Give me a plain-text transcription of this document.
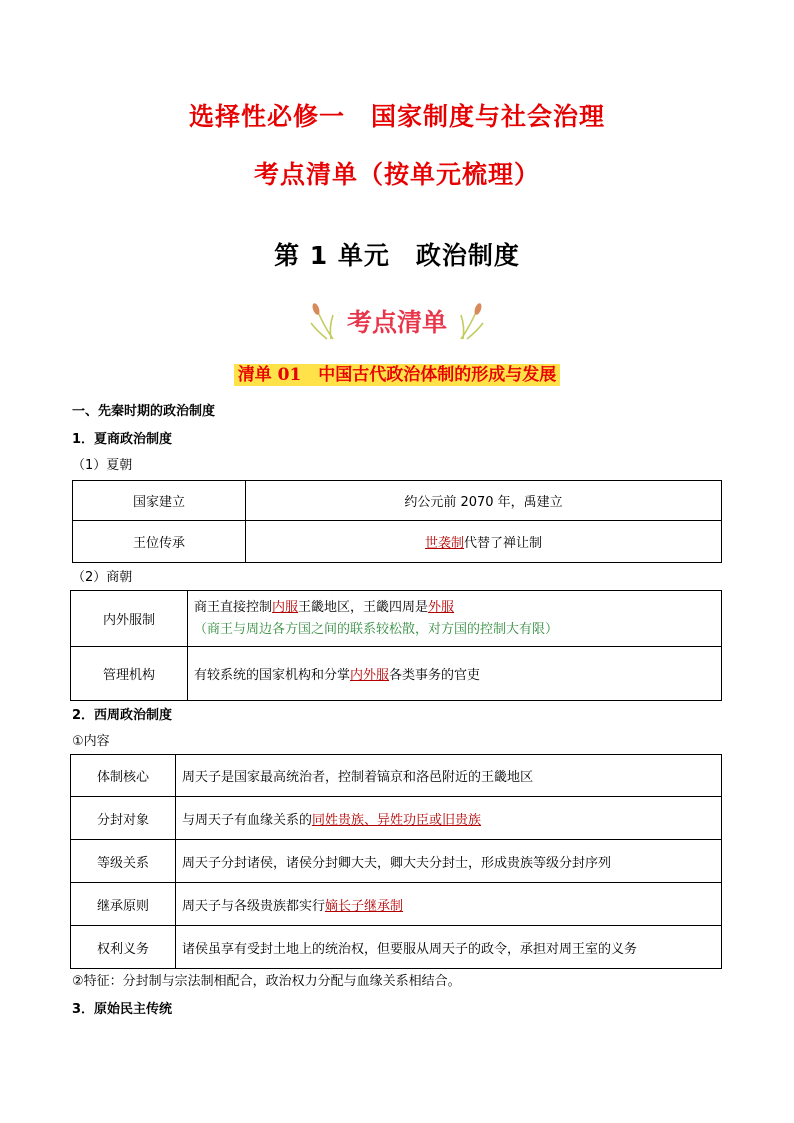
选择性必修一　国家制度与社会治理
考点清单（按单元梳理）
第 1 单元　政治制度
考点清单
清单 01　中国古代政治体制的形成与发展
一、先秦时期的政治制度
1．夏商政治制度
（1）夏朝
国家建立	约公元前 2070 年，禹建立
王位传承	世袭制代替了禅让制
（2）商朝
内外服制	商王直接控制内服王畿地区，王畿四周是外服
（商王与周边各方国之间的联系较松散，对方国的控制大有限）

管理机构	有较系统的国家机构和分掌内外服各类事务的官吏
2．西周政治制度
①内容
体制核心	周天子是国家最高统治者，控制着镐京和洛邑附近的王畿地区
分封对象	与周天子有血缘关系的同姓贵族、异姓功臣或旧贵族
等级关系	周天子分封诸侯，诸侯分封卿大夫，卿大夫分封士，形成贵族等级分封序列
继承原则	周天子与各级贵族都实行嫡长子继承制
权利义务	诸侯虽享有受封土地上的统治权，但要服从周天子的政令，承担对周王室的义务
②特征：分封制与宗法制相配合，政治权力分配与血缘关系相结合。
3．原始民主传统
